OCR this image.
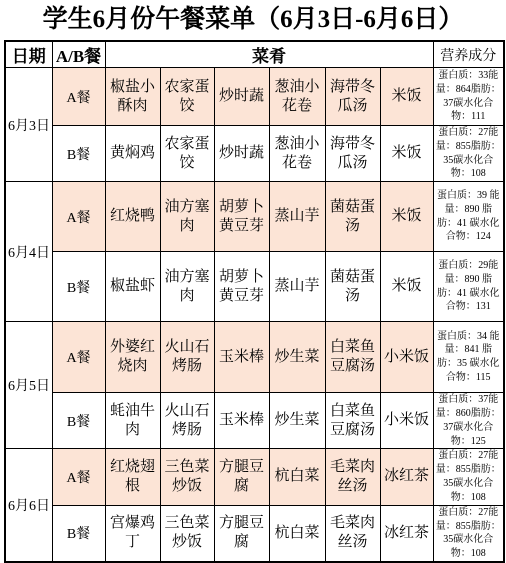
学生6月份午餐菜单（6月3日-6月6日）
日期	A/B餐	菜肴						营养成分
6月3日	A餐	椒盐小酥肉	农家蛋饺	炒时蔬	葱油小花卷	海带冬瓜汤	米饭	蛋白质：33能量：864脂肪：37碳水化合物：111
	B餐	黄焖鸡	农家蛋饺	炒时蔬	葱油小花卷	海带冬瓜汤	米饭	蛋白质：27能量：855脂肪：35碳水化合物：108
6月4日	A餐	红烧鸭	油方塞肉	胡萝卜黄豆芽	蒸山芋	菌菇蛋汤	米饭	蛋白质：39 能量：890 脂肪：41 碳水化合物：124
	B餐	椒盐虾	油方塞肉	胡萝卜黄豆芽	蒸山芋	菌菇蛋汤	米饭	蛋白质：29能量：890 脂肪：41 碳水化合物：131
6月5日	A餐	外婆红烧肉	火山石烤肠	玉米棒	炒生菜	白菜鱼豆腐汤	小米饭	蛋白质：34 能量：841 脂肪：35 碳水化合物：115
	B餐	蚝油牛肉	火山石烤肠	玉米棒	炒生菜	白菜鱼豆腐汤	小米饭	蛋白质：37能量：860脂肪：37碳水化合物：125
6月6日	A餐	红烧翅根	三色菜炒饭	方腿豆腐	杭白菜	毛菜肉丝汤	冰红茶	蛋白质：27能量：855脂肪：35碳水化合物：108
	B餐	宫爆鸡丁	三色菜炒饭	方腿豆腐	杭白菜	毛菜肉丝汤	冰红茶	蛋白质：27能量：855脂肪：35碳水化合物：108
